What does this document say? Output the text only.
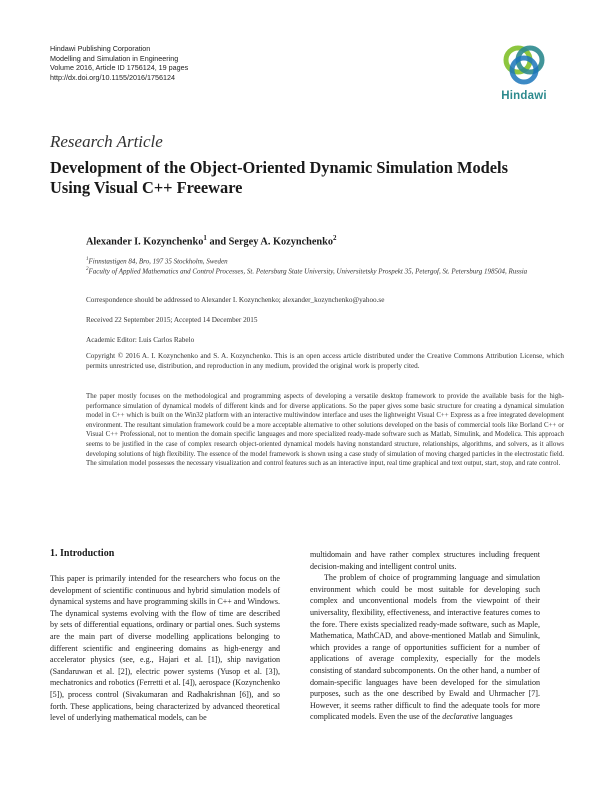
Hindawi Publishing Corporation
Modelling and Simulation in Engineering
Volume 2016, Article ID 1756124, 19 pages
http://dx.doi.org/10.1155/2016/1756124
Hindawi
Research Article
Development of the Object-Oriented Dynamic Simulation Models Using Visual C++ Freeware
Alexander I. Kozynchenko$^1$ and Sergey A. Kozynchenko$^2$
$^1$Finnstastigen 84, Bro, 197 35 Stockholm, Sweden
$^2$Faculty of Applied Mathematics and Control Processes, St. Petersburg State University, Universitetsky Prospekt 35, Petergof, St. Petersburg 198504, Russia
Correspondence should be addressed to Alexander I. Kozynchenko; alexander_kozynchenko@yahoo.se
Received 22 September 2015; Accepted 14 December 2015
Academic Editor: Luis Carlos Rabelo
Copyright © 2016 A. I. Kozynchenko and S. A. Kozynchenko. This is an open access article distributed under the Creative Commons Attribution License, which permits unrestricted use, distribution, and reproduction in any medium, provided the original work is properly cited.
The paper mostly focuses on the methodological and programming aspects of developing a versatile desktop framework to provide the available basis for the high-performance simulation of dynamical models of different kinds and for diverse applications. So the paper gives some basic structure for creating a dynamical simulation model in C++ which is built on the Win32 platform with an interactive multiwindow interface and uses the lightweight Visual C++ Express as a free integrated development environment. The resultant simulation framework could be a more acceptable alternative to other solutions developed on the basis of commercial tools like Borland C++ or Visual C++ Professional, not to mention the domain specific languages and more specialized ready-made software such as Matlab, Simulink, and Modelica. This approach seems to be justified in the case of complex research object-oriented dynamical models having nonstandard structure, relationships, algorithms, and solvers, as it allows developing solutions of high flexibility. The essence of the model framework is shown using a case study of simulation of moving charged particles in the electrostatic field. The simulation model possesses the necessary visualization and control features such as an interactive input, real time graphical and text output, start, stop, and rate control.
1. Introduction

This paper is primarily intended for the researchers who focus on the development of scientific continuous and hybrid simulation models of dynamical systems and have programming skills in C++ and Windows. The dynamical systems evolving with the flow of time are described by sets of differential equations, ordinary or partial ones. Such systems are the main part of diverse modelling applications belonging to different scientific and engineering domains as high-energy and accelerator physics (see, e.g., Hajari et al. [1]), ship navigation (Sandaruwan et al. [2]), electric power systems (Yusop et al. [3]), mechatronics and robotics (Ferretti et al. [4]), aerospace (Kozynchenko [5]), process control (Sivakumaran and Radhakrishnan [6]), and so forth. These applications, being characterized by advanced theoretical level of underlying mathematical models, can be

multidomain and have rather complex structures including frequent decision-making and intelligent control units.

The problem of choice of programming language and simulation environment which could be most suitable for developing such complex and unconventional models from the viewpoint of their universality, flexibility, effectiveness, and interactive features comes to the fore. There exists specialized ready-made software, such as Maple, Mathematica, MathCAD, and above-mentioned Matlab and Simulink, which provides a range of opportunities sufficient for a number of applications of average complexity, especially for the models consisting of standard subcomponents. On the other hand, a number of domain-specific languages have been developed for the simulation purposes, such as the one described by Ewald and Uhrmacher [7]. However, it seems rather difficult to find the adequate tools for more complicated models. Even the use of the declarative languages
